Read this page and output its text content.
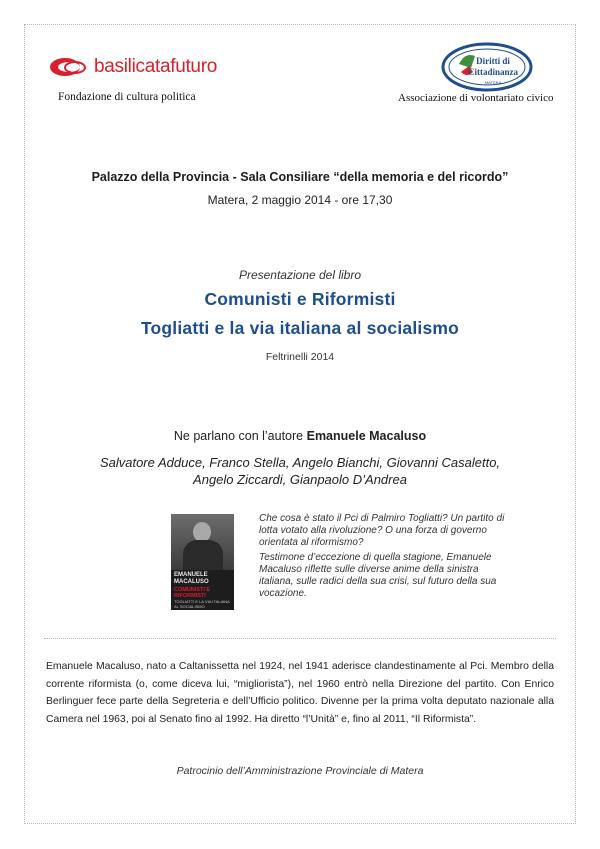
basilicatafuturo
Fondazione di cultura politica
Diritti di
Cittadinanza
MATERA
Associazione di volontariato civico
Palazzo della Provincia - Sala Consiliare “della memoria e del ricordo”
Matera, 2 maggio 2014 - ore 17,30
Presentazione del libro
Comunisti e Riformisti
Togliatti e la via italiana al socialismo
Feltrinelli 2014
Ne parlano con l’autore Emanuele Macaluso
Salvatore Adduce, Franco Stella, Angelo Bianchi, Giovanni Casaletto,
Angelo Ziccardi, Gianpaolo D’Andrea
EMANUELE MACALUSO
COMUNISTI E RIFORMISTI
TOGLIATTI E LA VIA ITALIANA AL SOCIALISMO
Che cosa è stato il Pci di Palmiro Togliatti? Un partito di lotta votato alla rivoluzione? O una forza di governo orientata al riformismo?
Testimone d’eccezione di quella stagione, Emanuele Macaluso riflette sulle diverse anime della sinistra italiana, sulle radici della sua crisi, sul futuro della sua vocazione.
Emanuele Macaluso, nato a Caltanissetta nel 1924, nel 1941 aderisce clandestinamente al Pci. Membro della corrente riformista (o, come diceva lui, “migliorista”), nel 1960 entrò nella Direzione del partito. Con Enrico Berlinguer fece parte della Segreteria e dell’Ufficio politico. Divenne per la prima volta deputato nazionale alla Camera nel 1963, poi al Senato fino al 1992. Ha diretto “l’Unità” e, fino al 2011, “Il Riformista”.
Patrocinio dell’Amministrazione Provinciale di Matera
